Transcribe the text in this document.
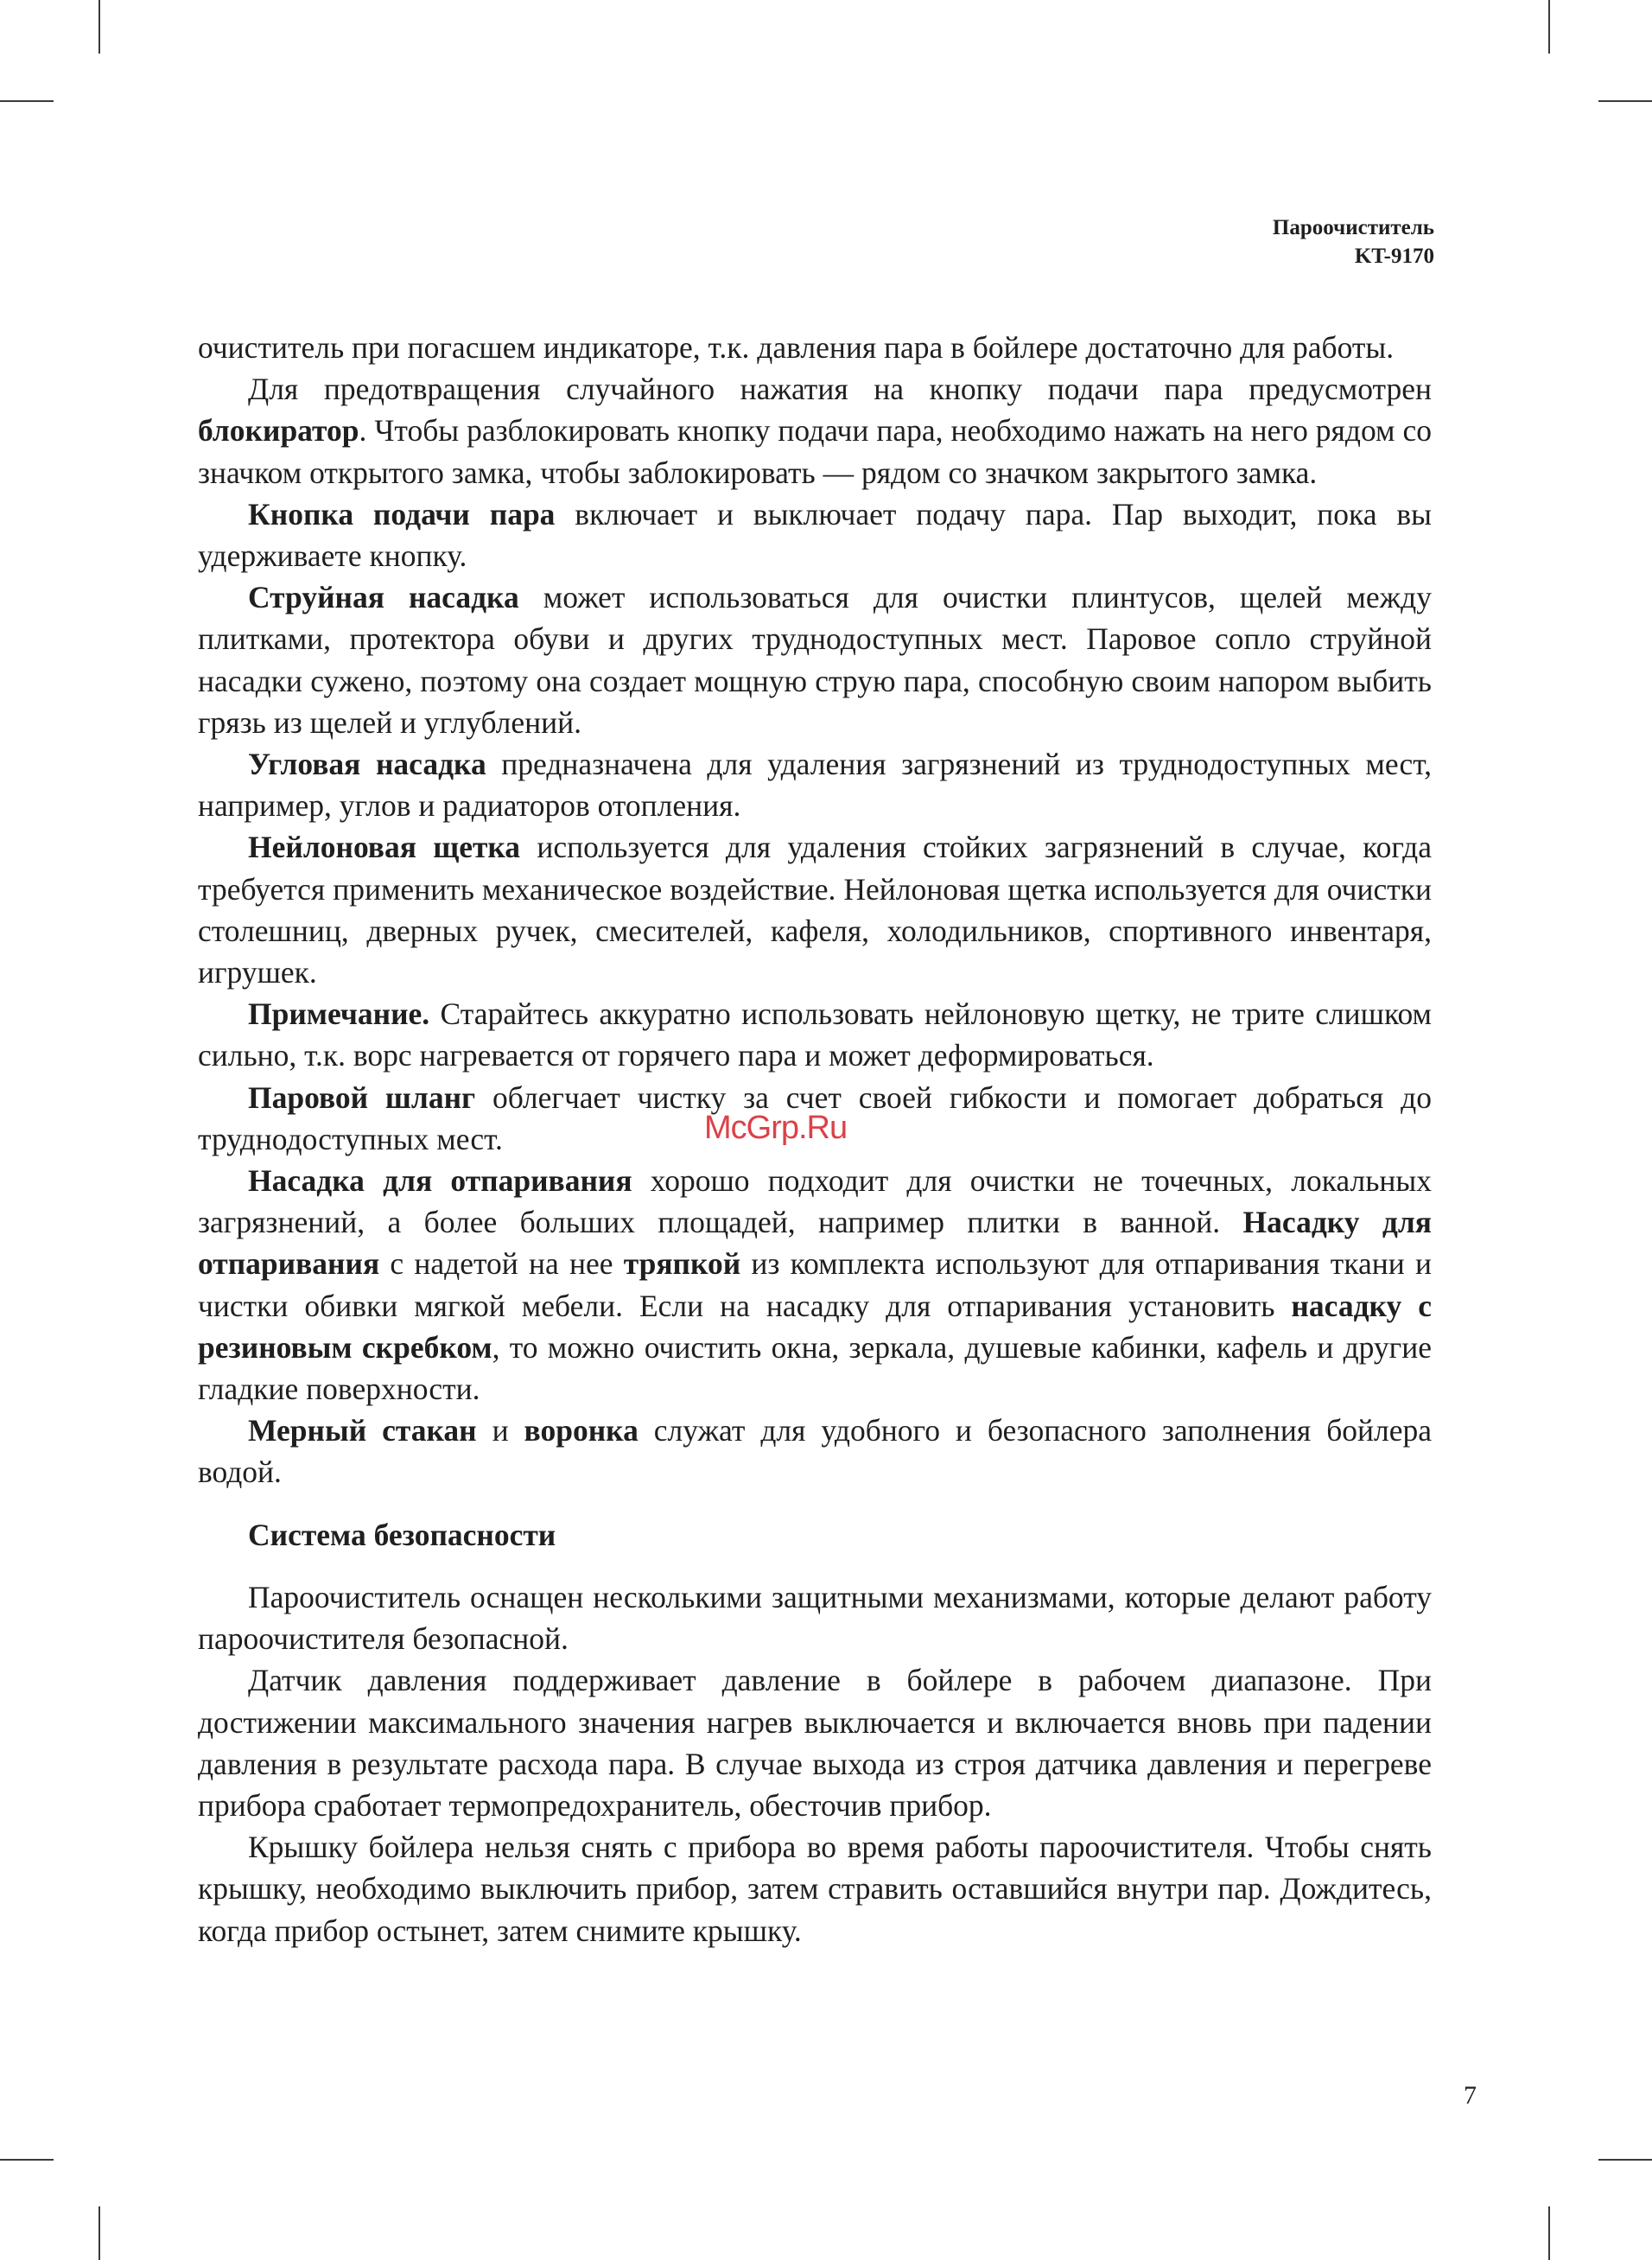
Пароочиститель
KT-9170

очиститель при погасшем индикаторе, т.к. давления пара в бойлере достаточно для работы.

Для предотвращения случайного нажатия на кнопку подачи пара предусмотрен блокиратор. Чтобы разблокировать кнопку подачи пара, необходимо нажать на него рядом со значком открытого замка, чтобы заблокировать — рядом со значком закрытого замка.

Кнопка подачи пара включает и выключает подачу пара. Пар выходит, пока вы удерживаете кнопку.

Струйная насадка может использоваться для очистки плинтусов, щелей между плитками, протектора обуви и других труднодоступных мест. Паровое сопло струйной насадки сужено, поэтому она создает мощную струю пара, способную своим напором выбить грязь из щелей и углублений.

Угловая насадка предназначена для удаления загрязнений из труднодоступных мест, например, углов и радиаторов отопления.

Нейлоновая щетка используется для удаления стойких загрязнений в случае, когда требуется применить механическое воздействие. Нейлоновая щетка используется для очистки столешниц, дверных ручек, смесителей, кафеля, холодильников, спортивного инвентаря, игрушек.

Примечание. Старайтесь аккуратно использовать нейлоновую щетку, не трите слишком сильно, т.к. ворс нагревается от горячего пара и может деформироваться.

Паровой шланг облегчает чистку за счет своей гибкости и помогает добраться до труднодоступных мест.

Насадка для отпаривания хорошо подходит для очистки не точечных, локальных загрязнений, а более больших площадей, например плитки в ванной. Насадку для отпаривания с надетой на нее тряпкой из комплекта используют для отпаривания ткани и чистки обивки мягкой мебели. Если на насадку для отпаривания установить насадку с резиновым скребком, то можно очистить окна, зеркала, душевые кабинки, кафель и другие гладкие поверхности.

Мерный стакан и воронка служат для удобного и безопасного заполнения бойлера водой.

Система безопасности

Пароочиститель оснащен несколькими защитными механизмами, которые делают работу пароочистителя безопасной.

Датчик давления поддерживает давление в бойлере в рабочем диапазоне. При достижении максимального значения нагрев выключается и включается вновь при падении давления в результате расхода пара. В случае выхода из строя датчика давления и перегреве прибора сработает термопредохранитель, обесточив прибор.

Крышку бойлера нельзя снять с прибора во время работы пароочистителя. Чтобы снять крышку, необходимо выключить прибор, затем стравить оставшийся внутри пар. Дождитесь, когда прибор остынет, затем снимите крышку.

McGrp.Ru
7
